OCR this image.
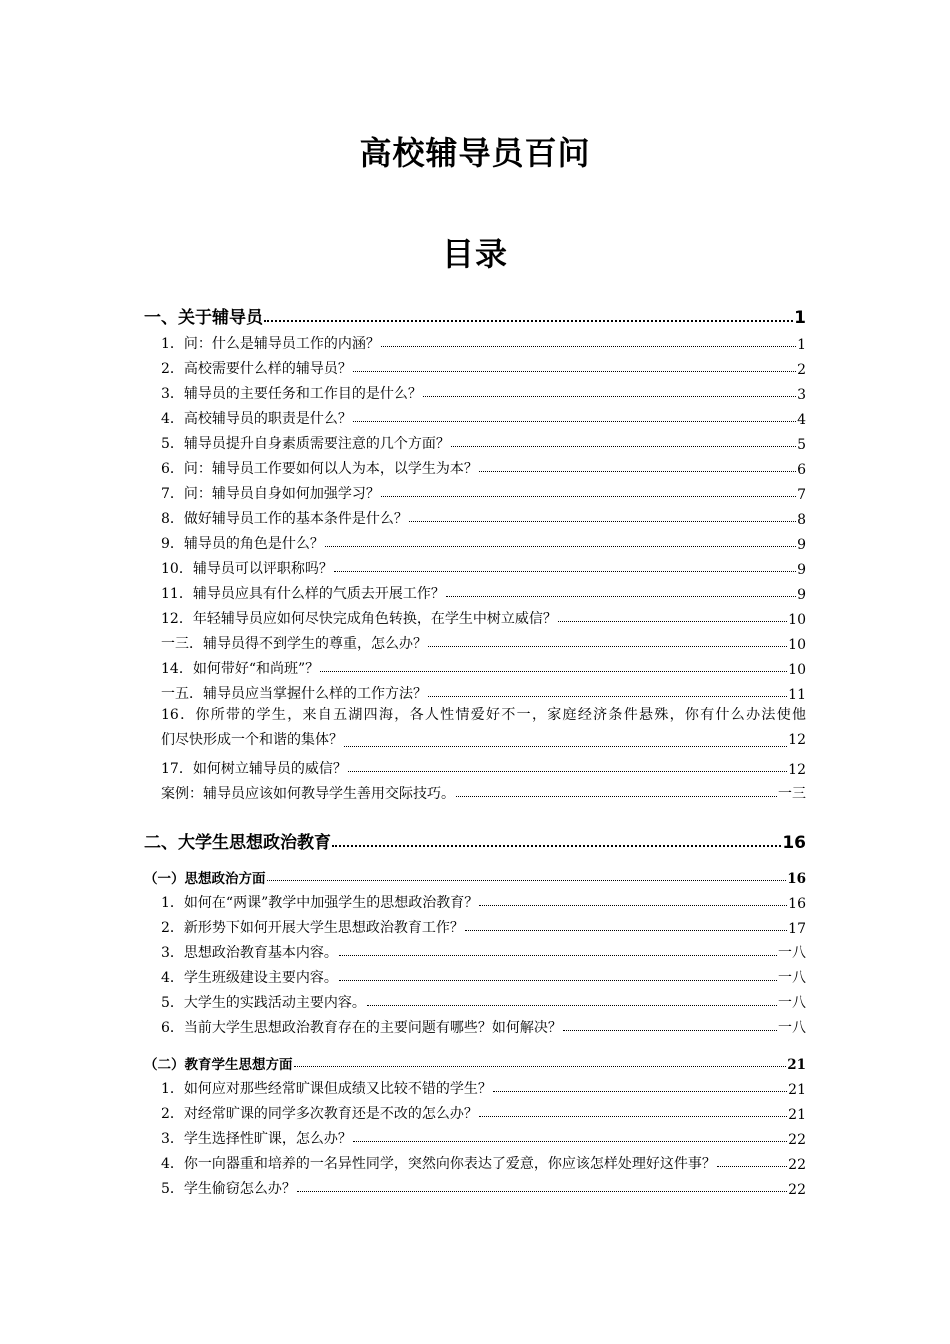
高校辅导员百问
目录
一、关于辅导员	1
1．问：什么是辅导员工作的内涵？	1
2．高校需要什么样的辅导员？	2
3．辅导员的主要任务和工作目的是什么？	3
4．高校辅导员的职责是什么？	4
5．辅导员提升自身素质需要注意的几个方面？	5
6．问：辅导员工作要如何以人为本，以学生为本？	6
7．问：辅导员自身如何加强学习？	7
8．做好辅导员工作的基本条件是什么？	8
9．辅导员的角色是什么？	9
10．辅导员可以评职称吗？	9
11．辅导员应具有什么样的气质去开展工作？	9
12．年轻辅导员应如何尽快完成角色转换，在学生中树立威信？	10
一三．辅导员得不到学生的尊重，怎么办？	10
14．如何带好“和尚班”？	10
一五．辅导员应当掌握什么样的工作方法？	11
16．你所带的学生，来自五湖四海，各人性情爱好不一，家庭经济条件悬殊，你有什么办法使他
们尽快形成一个和谐的集体？	12
17．如何树立辅导员的威信？	12
案例：辅导员应该如何教导学生善用交际技巧。	一三
二、大学生思想政治教育	16
（一）思想政治方面	16
1．如何在“两课”教学中加强学生的思想政治教育？	16
2．新形势下如何开展大学生思想政治教育工作？	17
3．思想政治教育基本内容。	一八
4．学生班级建设主要内容。	一八
5．大学生的实践活动主要内容。	一八
6．当前大学生思想政治教育存在的主要问题有哪些？如何解决？	一八
（二）教育学生思想方面	21
1．如何应对那些经常旷课但成绩又比较不错的学生？	21
2．对经常旷课的同学多次教育还是不改的怎么办？	21
3．学生选择性旷课，怎么办？	22
4．你一向器重和培养的一名异性同学，突然向你表达了爱意，你应该怎样处理好这件事？	22
5．学生偷窃怎么办？	22
